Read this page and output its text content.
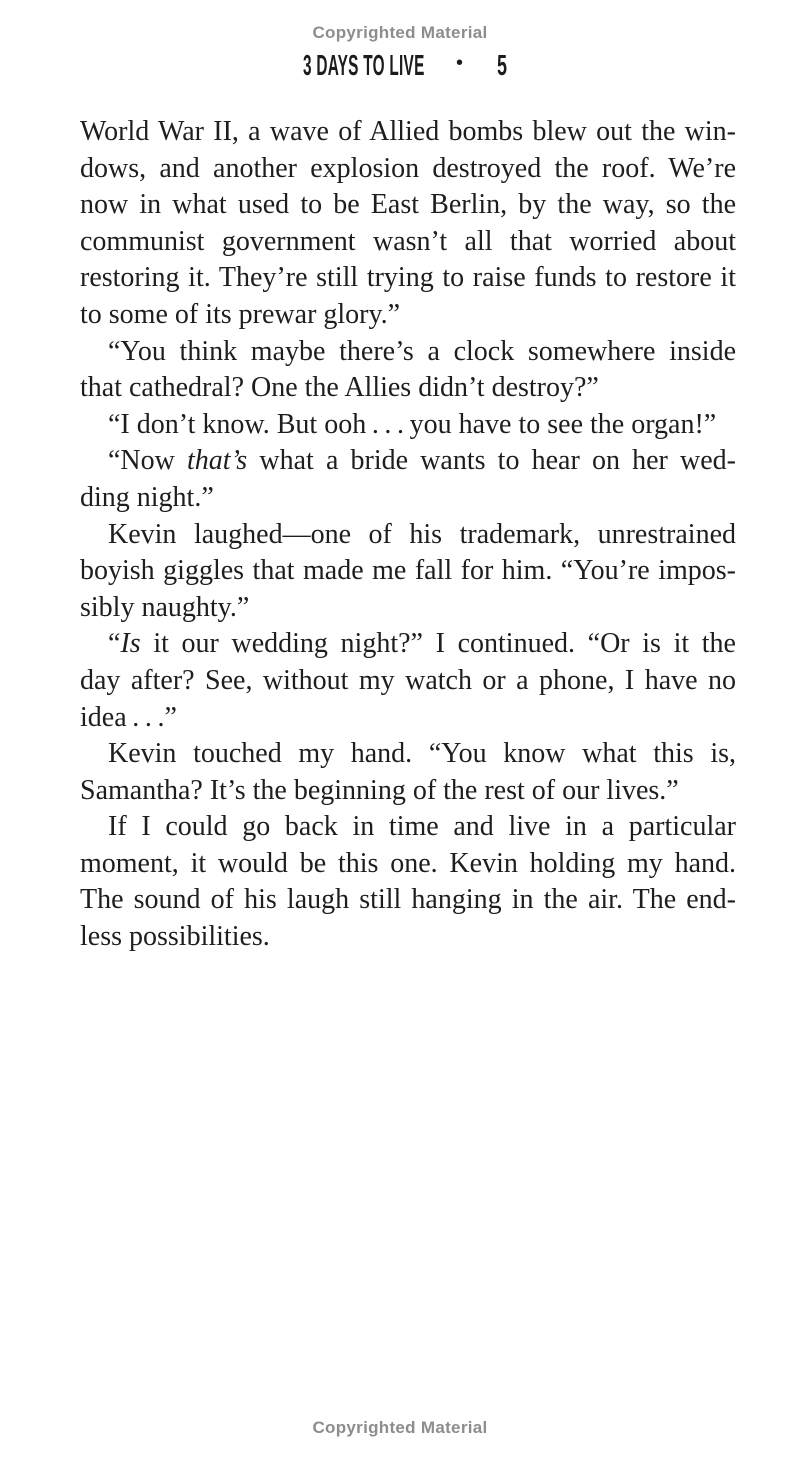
Copyrighted Material
3 DAYS TO LIVE • 5
World War II, a wave of Allied bombs blew out the win-
dows, and another explosion destroyed the roof. We’re
now in what used to be East Berlin, by the way, so the
communist government wasn’t all that worried about
restoring it. They’re still trying to raise funds to restore it
to some of its prewar glory.”
“You think maybe there’s a clock somewhere inside
that cathedral? One the Allies didn’t destroy?”
“I don’t know. But ooh . . . you have to see the organ!”
“Now that’s what a bride wants to hear on her wed-
ding night.”
Kevin laughed—one of his trademark, unrestrained
boyish giggles that made me fall for him. “You’re impos-
sibly naughty.”
“Is it our wedding night?” I continued. “Or is it the
day after? See, without my watch or a phone, I have no
idea . . .”
Kevin touched my hand. “You know what this is,
Samantha? It’s the beginning of the rest of our lives.”
If I could go back in time and live in a particular
moment, it would be this one. Kevin holding my hand.
The sound of his laugh still hanging in the air. The end-
less possibilities.
Copyrighted Material
